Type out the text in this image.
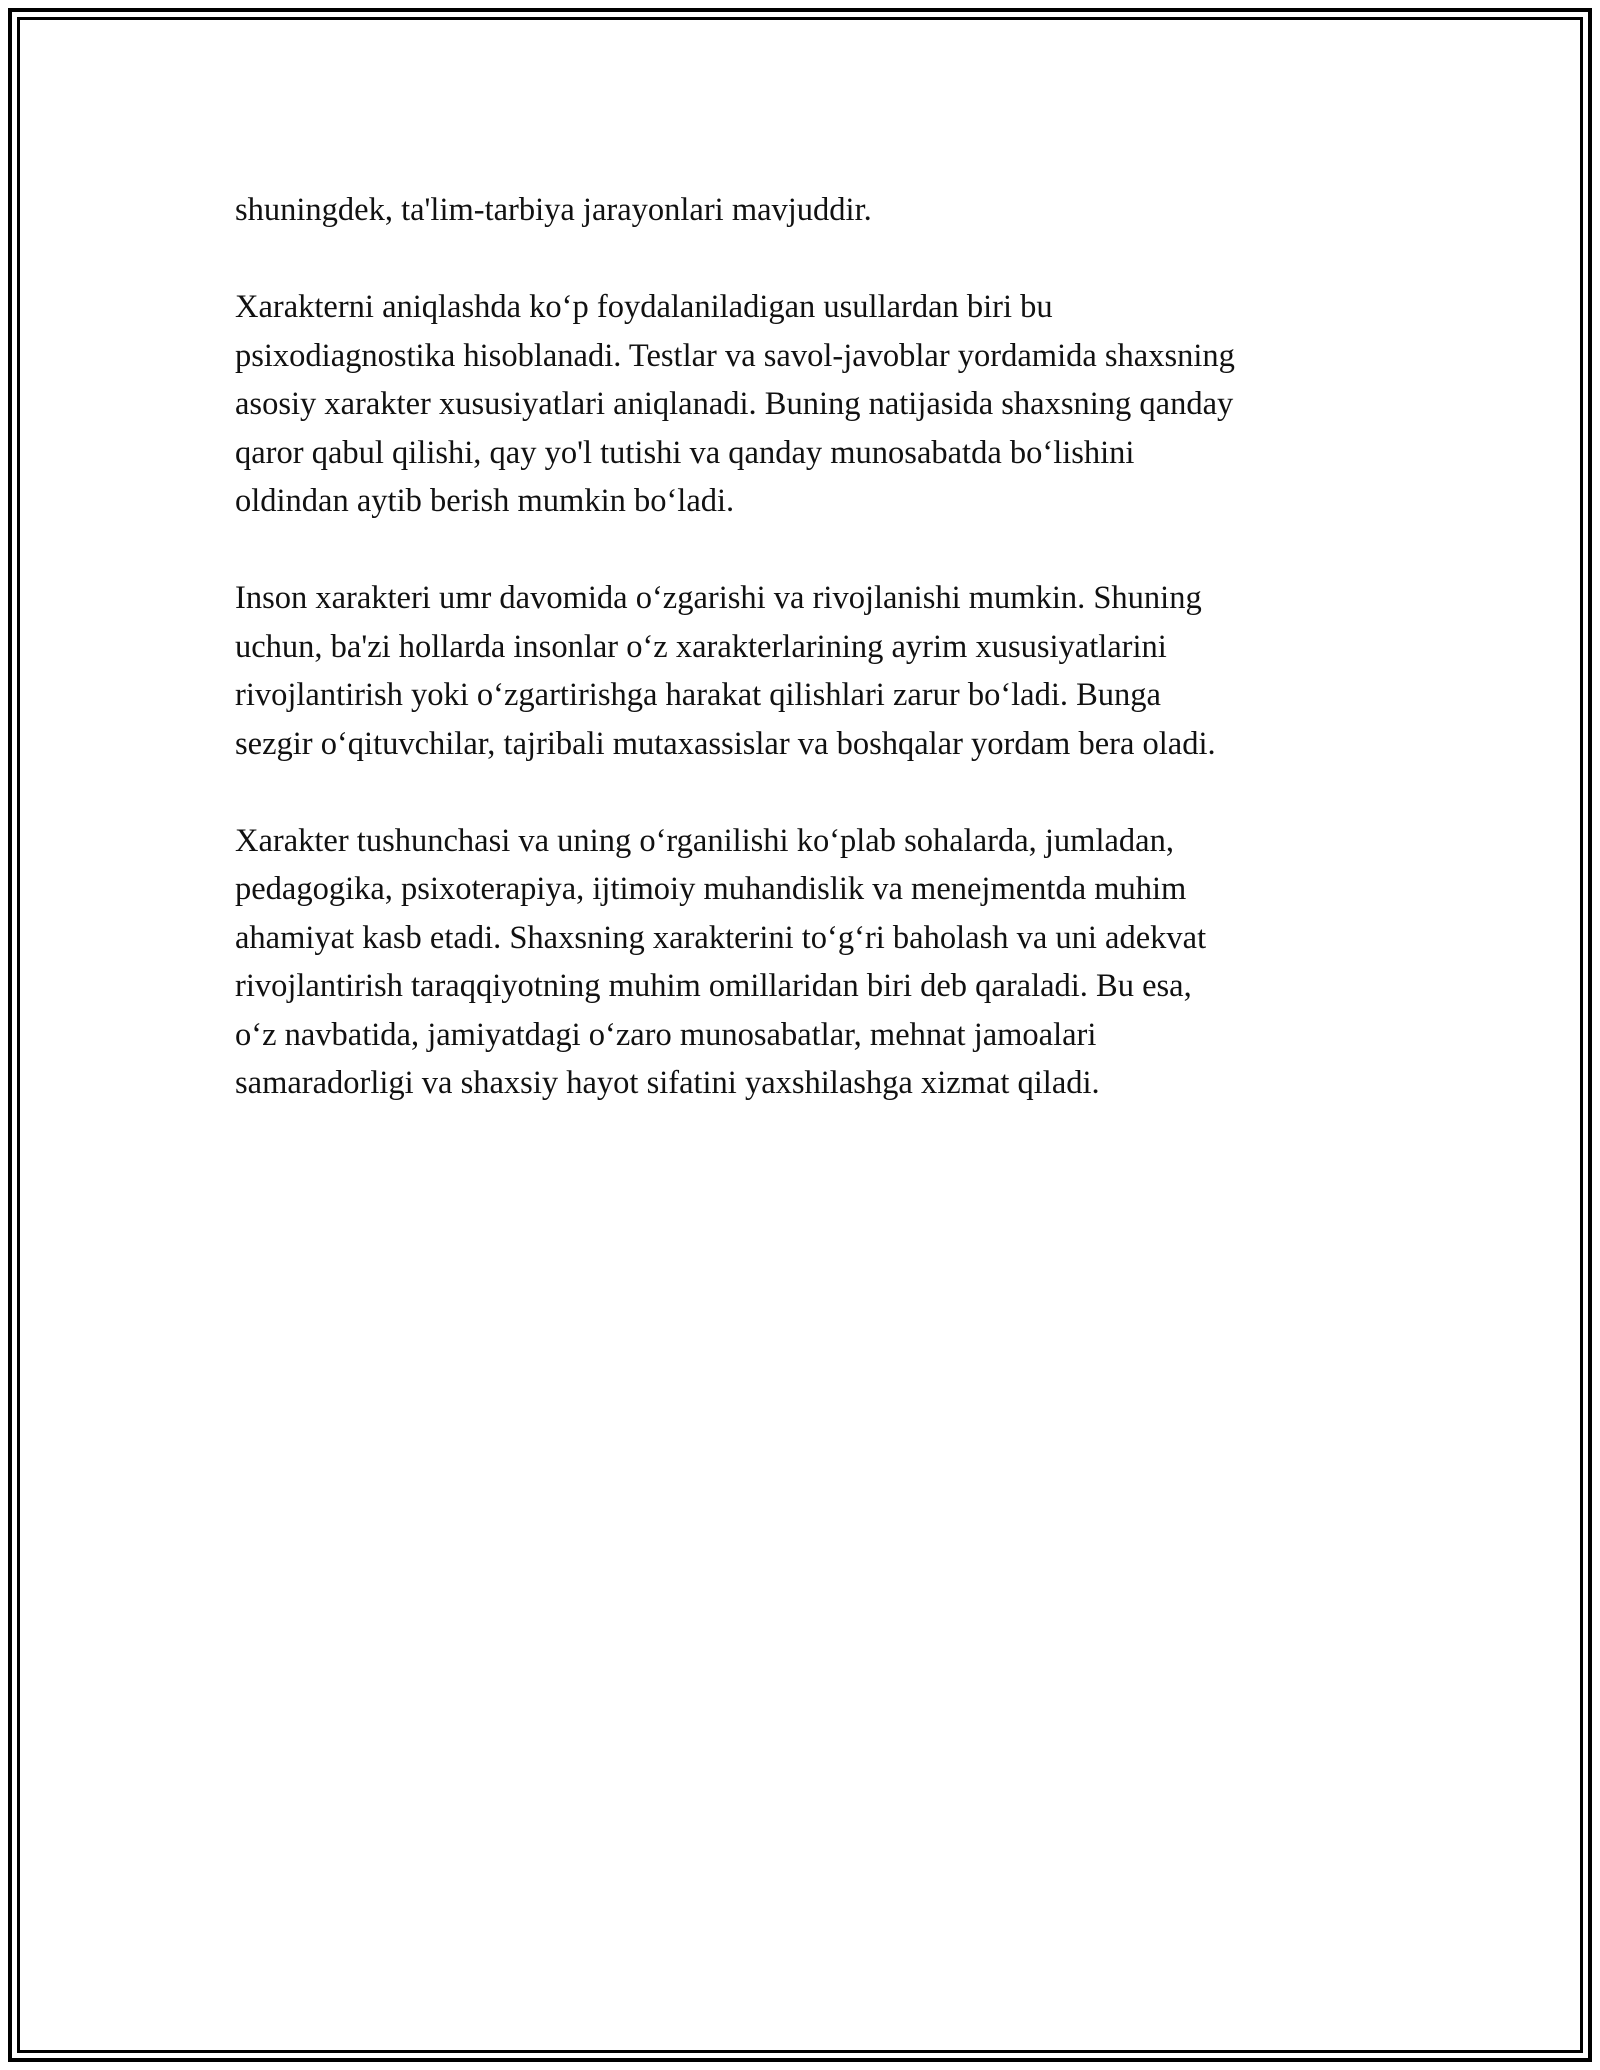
shuningdek, ta'lim-tarbiya jarayonlari mavjuddir.

Xarakterni aniqlashda koʻp foydalaniladigan usullardan biri bu
psixodiagnostika hisoblanadi. Testlar va savol-javoblar yordamida shaxsning
asosiy xarakter xususiyatlari aniqlanadi. Buning natijasida shaxsning qanday
qaror qabul qilishi, qay yo'l tutishi va qanday munosabatda boʻlishini
oldindan aytib berish mumkin boʻladi.

Inson xarakteri umr davomida oʻzgarishi va rivojlanishi mumkin. Shuning
uchun, ba'zi hollarda insonlar oʻz xarakterlarining ayrim xususiyatlarini
rivojlantirish yoki oʻzgartirishga harakat qilishlari zarur boʻladi. Bunga
sezgir oʻqituvchilar, tajribali mutaxassislar va boshqalar yordam bera oladi.

Xarakter tushunchasi va uning oʻrganilishi koʻplab sohalarda, jumladan,
pedagogika, psixoterapiya, ijtimoiy muhandislik va menejmentda muhim
ahamiyat kasb etadi. Shaxsning xarakterini toʻgʻri baholash va uni adekvat
rivojlantirish taraqqiyotning muhim omillaridan biri deb qaraladi. Bu esa,
oʻz navbatida, jamiyatdagi oʻzaro munosabatlar, mehnat jamoalari
samaradorligi va shaxsiy hayot sifatini yaxshilashga xizmat qiladi.
